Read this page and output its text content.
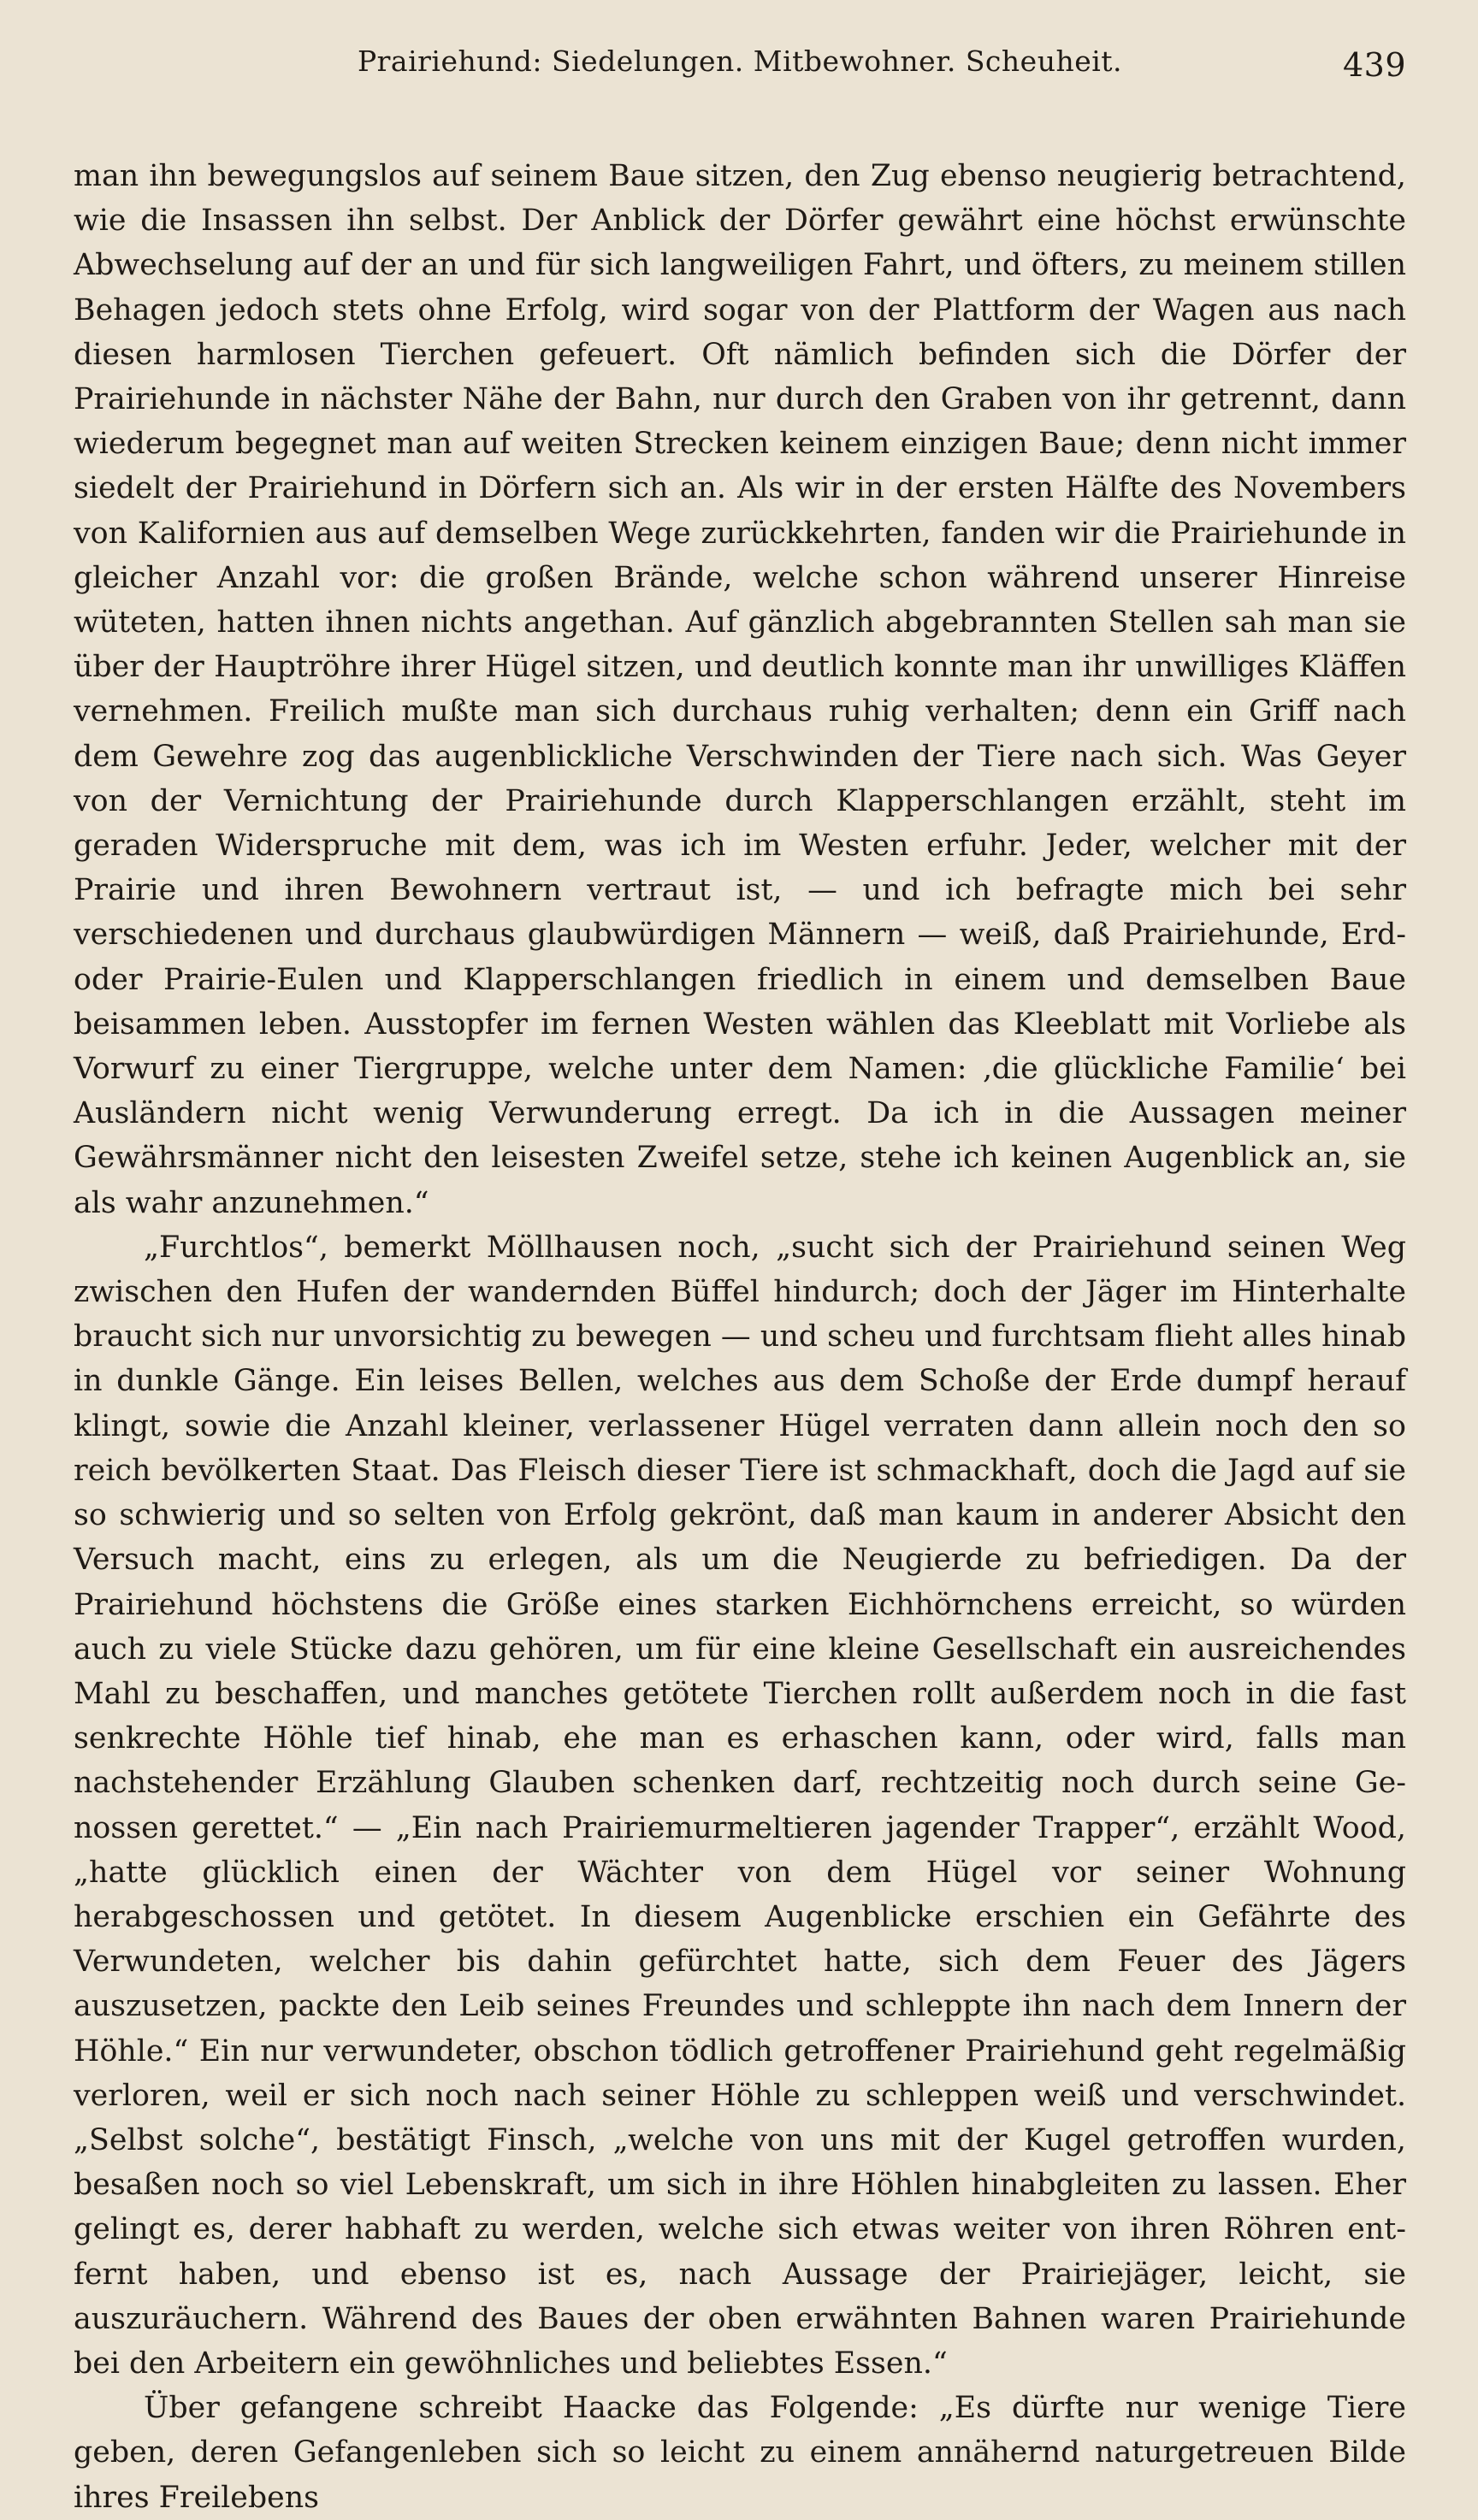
Prairiehund: Siedelungen. Mitbewohner. Scheuheit.	439

man ihn bewegungslos auf seinem Baue sitzen, den Zug ebenso neugierig betrachtend, wie die Insassen ihn selbst. Der Anblick der Dörfer gewährt eine höchst erwünschte Abwechselung auf der an und für sich langweiligen Fahrt, und öfters, zu meinem stillen Behagen jedoch stets ohne Erfolg, wird sogar von der Plattform der Wagen aus nach diesen harmlosen Tierchen gefeuert. Oft nämlich befinden sich die Dörfer der Prairiehunde in nächster Nähe der Bahn, nur durch den Graben von ihr getrennt, dann wiederum begegnet man auf weiten Strecken keinem einzigen Baue; denn nicht immer siedelt der Prairiehund in Dörfern sich an. Als wir in der ersten Hälfte des Novembers von Kalifornien aus auf demselben Wege zurückkehrten, fanden wir die Prairiehunde in gleicher Anzahl vor: die großen Brände, welche schon während unserer Hinreise wüteten, hatten ihnen nichts angethan. Auf gänzlich abgebrannten Stellen sah man sie über der Hauptröhre ihrer Hügel sitzen, und deutlich konnte man ihr unwilliges Kläffen vernehmen. Freilich mußte man sich durchaus ruhig verhalten; denn ein Griff nach dem Gewehre zog das augenblickliche Verschwinden der Tiere nach sich. Was Geyer von der Vernichtung der Prairiehunde durch Klapperschlangen erzählt, steht im geraden Widerspruche mit dem, was ich im Westen erfuhr. Jeder, welcher mit der Prairie und ihren Bewohnern vertraut ist, — und ich befragte mich bei sehr verschiedenen und durchaus glaubwürdigen Männern — weiß, daß Prairiehunde, Erd- oder Prairie-Eulen und Klapperschlangen friedlich in einem und demselben Baue beisammen leben. Ausstopfer im fernen Westen wählen das Kleeblatt mit Vorliebe als Vorwurf zu einer Tiergruppe, welche unter dem Namen: ‚die glückliche Familie‘ bei Ausländern nicht wenig Verwunderung erregt. Da ich in die Aussagen meiner Gewährsmänner nicht den leisesten Zweifel setze, stehe ich keinen Augenblick an, sie als wahr anzunehmen.“

„Furchtlos“, bemerkt Möllhausen noch, „sucht sich der Prairiehund seinen Weg zwischen den Hufen der wandernden Büffel hindurch; doch der Jäger im Hinterhalte braucht sich nur unvorsichtig zu bewegen — und scheu und furchtsam flieht alles hinab in dunkle Gänge. Ein leises Bellen, welches aus dem Schoße der Erde dumpf herauf klingt, sowie die Anzahl kleiner, verlassener Hügel verraten dann allein noch den so reich bevölkerten Staat. Das Fleisch dieser Tiere ist schmackhaft, doch die Jagd auf sie so schwierig und so selten von Erfolg gekrönt, daß man kaum in anderer Absicht den Versuch macht, eins zu erlegen, als um die Neugierde zu befriedigen. Da der Prairiehund höchstens die Größe eines starken Eichhörnchens erreicht, so würden auch zu viele Stücke dazu gehören, um für eine kleine Gesellschaft ein ausreichendes Mahl zu beschaffen, und manches getötete Tierchen rollt außerdem noch in die fast senkrechte Höhle tief hinab, ehe man es erhaschen kann, oder wird, falls man nachstehender Erzählung Glauben schenken darf, rechtzeitig noch durch seine Genossen gerettet.“ — „Ein nach Prairiemurmeltieren jagender Trapper“, erzählt Wood, „hatte glücklich einen der Wächter von dem Hügel vor seiner Wohnung herabgeschossen und getötet. In diesem Augenblicke erschien ein Gefährte des Verwundeten, welcher bis dahin gefürchtet hatte, sich dem Feuer des Jägers auszusetzen, packte den Leib seines Freundes und schleppte ihn nach dem Innern der Höhle.“ Ein nur verwundeter, obschon tödlich getroffener Prairiehund geht regelmäßig verloren, weil er sich noch nach seiner Höhle zu schleppen weiß und verschwindet. „Selbst solche“, bestätigt Finsch, „welche von uns mit der Kugel getroffen wurden, besaßen noch so viel Lebenskraft, um sich in ihre Höhlen hinabgleiten zu lassen. Eher gelingt es, derer habhaft zu werden, welche sich etwas weiter von ihren Röhren entfernt haben, und ebenso ist es, nach Aussage der Prairiejäger, leicht, sie auszuräuchern. Während des Baues der oben erwähnten Bahnen waren Prairiehunde bei den Arbeitern ein gewöhnliches und beliebtes Essen.“

Über gefangene schreibt Haacke das Folgende: „Es dürfte nur wenige Tiere geben, deren Gefangenleben sich so leicht zu einem annähernd naturgetreuen Bilde ihres Freilebens
